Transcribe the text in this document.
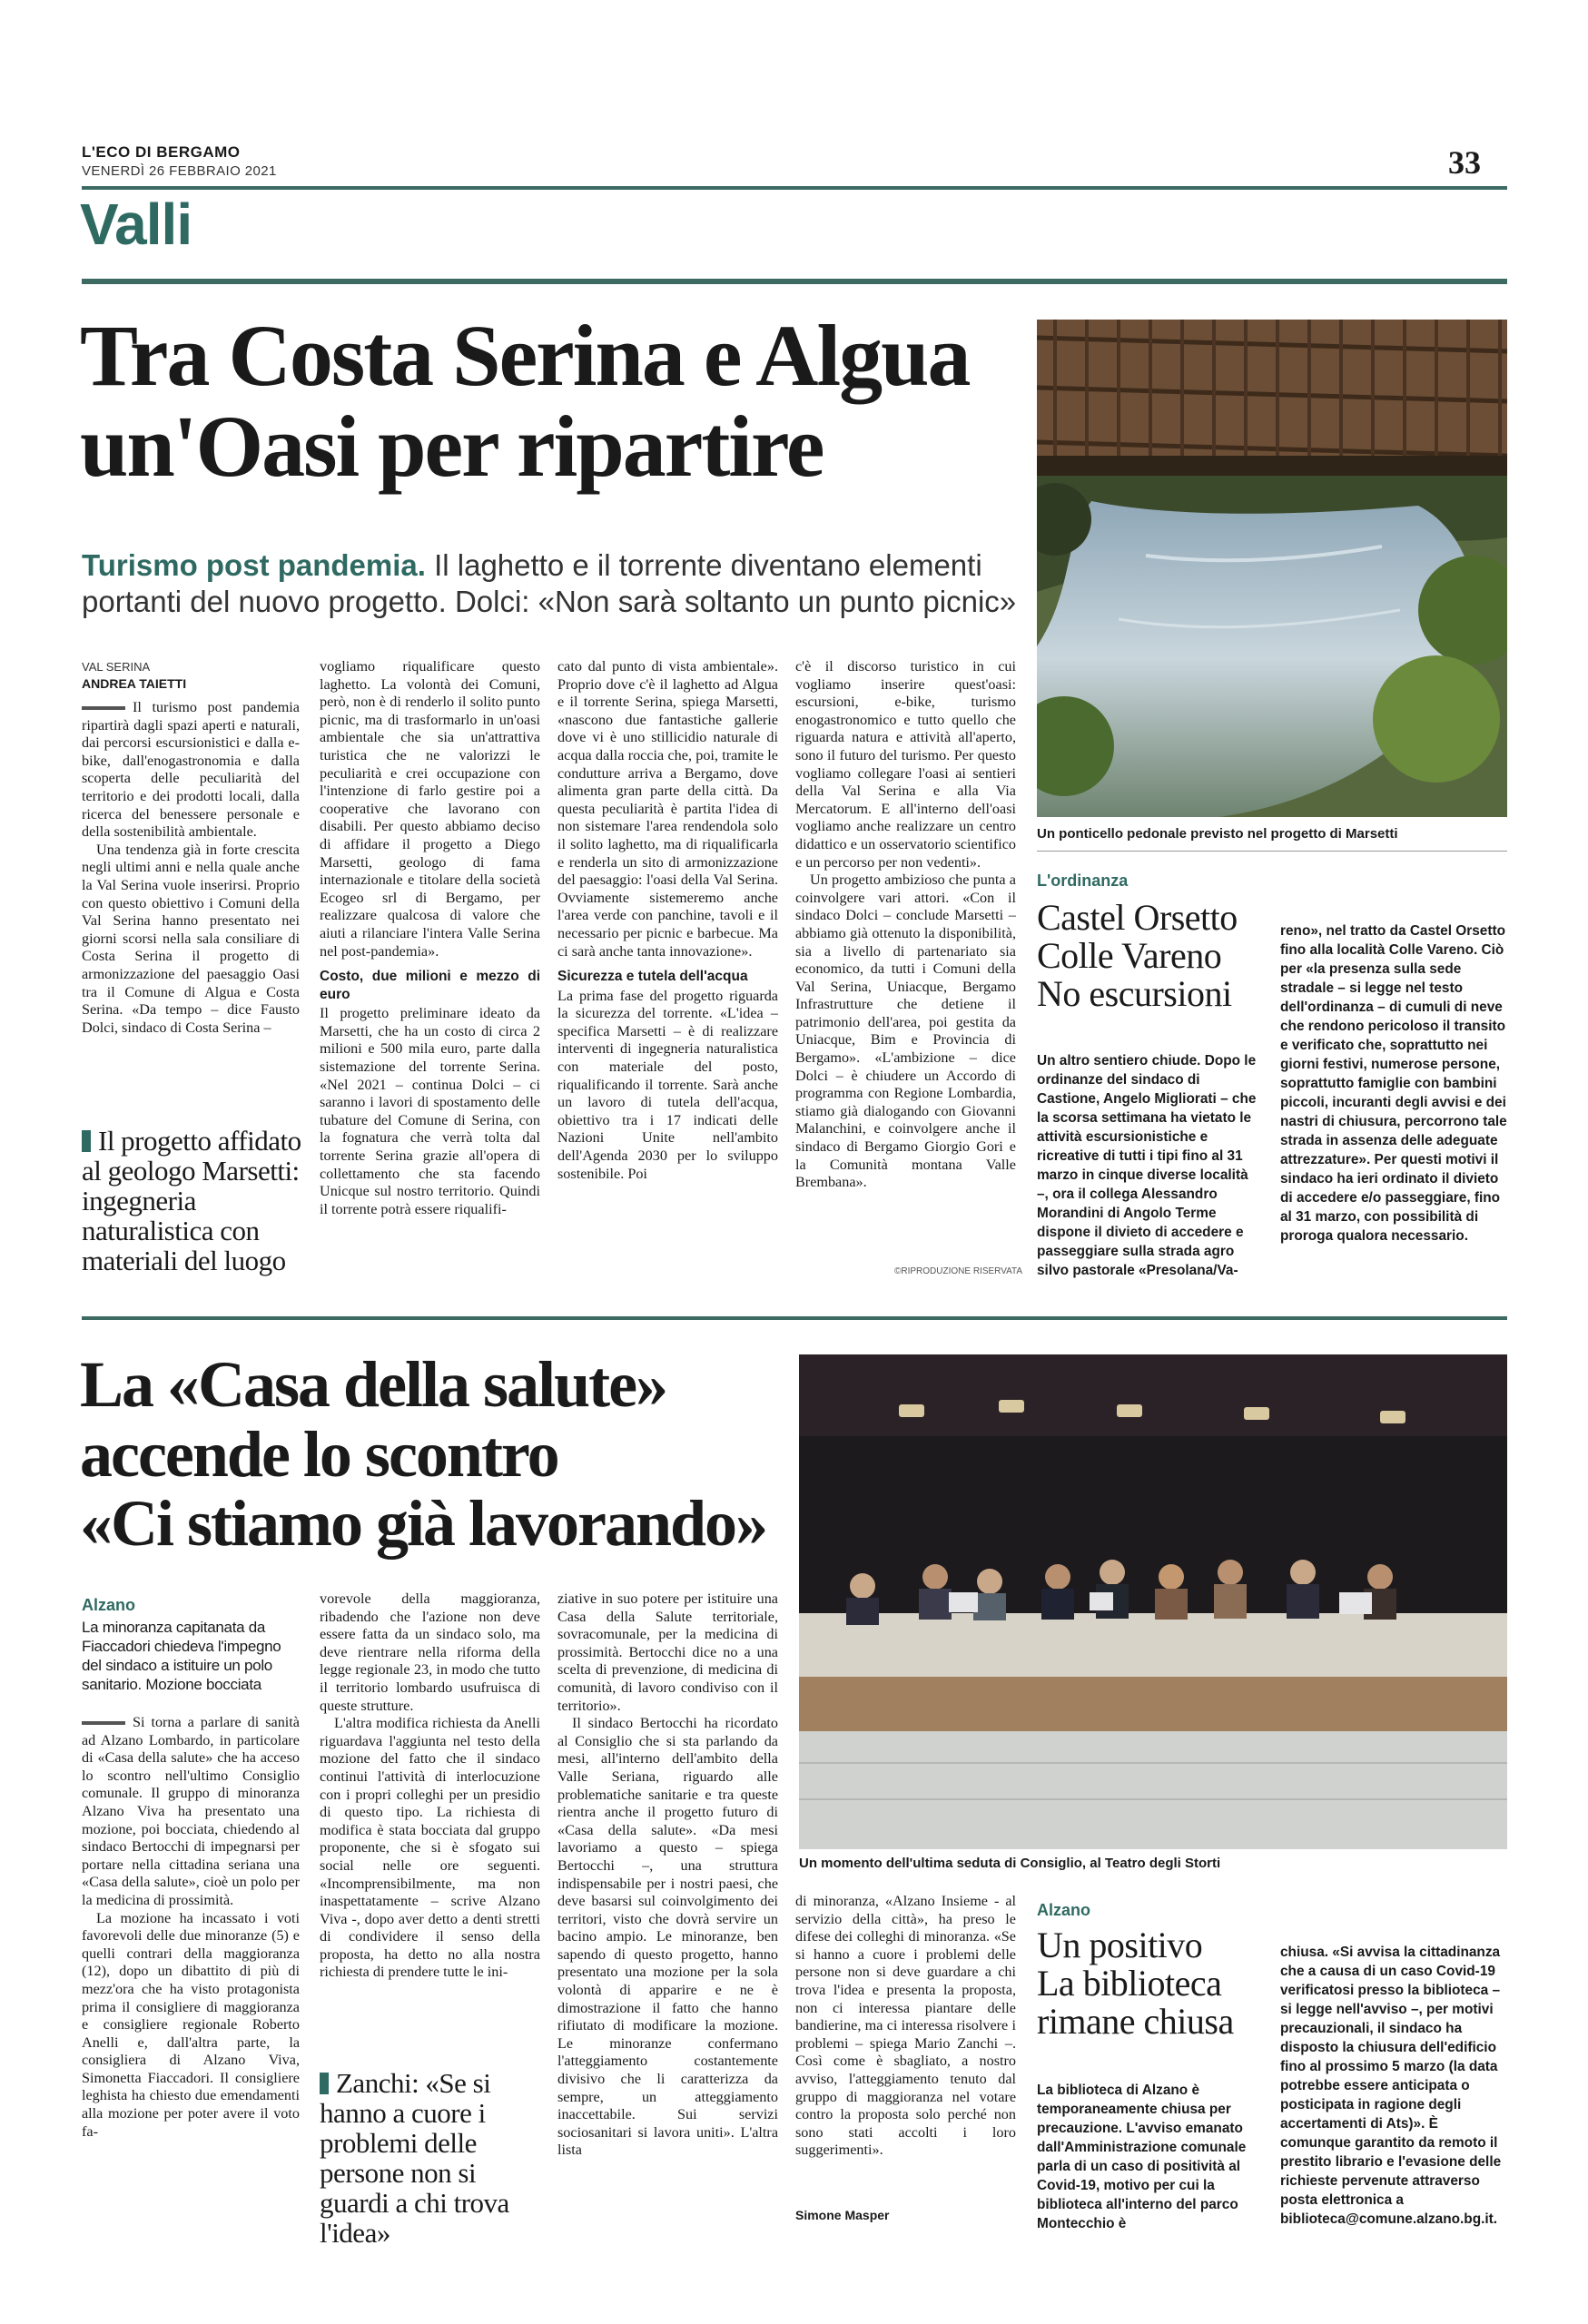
L'ECO DI BERGAMO
VENERDÌ 26 FEBBRAIO 2021	33
Valli
Tra Costa Serina e Algua
un'Oasi per ripartire
Turismo post pandemia. Il laghetto e il torrente diventano elementi
portanti del nuovo progetto. Dolci: «Non sarà soltanto un punto picnic»
VAL SERINA
ANDREA TAIETTI

Il turismo post pandemia ripartirà dagli spazi aperti e naturali, dai percorsi escursionistici e dalla e-bike, dall'enogastronomia e dalla scoperta delle peculiarità del territorio e dei prodotti locali, dalla ricerca del benessere personale e della sostenibilità ambientale.

Una tendenza già in forte crescita negli ultimi anni e nella quale anche la Val Serina vuole inserirsi. Proprio con questo obiettivo i Comuni della Val Serina hanno presentato nei giorni scorsi nella sala consiliare di Costa Serina il progetto di armonizzazione del paesaggio Oasi tra il Comune di Algua e Costa Serina. «Da tempo – dice Fausto Dolci, sindaco di Costa Serina –

Il progetto affidato al geologo Marsetti: ingegneria naturalistica con materiali del luogo

vogliamo riqualificare questo laghetto. La volontà dei Comuni, però, non è di renderlo il solito punto picnic, ma di trasformarlo in un'oasi ambientale che sia un'attrattiva turistica che ne valorizzi le peculiarità e crei occupazione con l'intenzione di farlo gestire poi a cooperative che lavorano con disabili. Per questo abbiamo deciso di affidare il progetto a Diego Marsetti, geologo di fama internazionale e titolare della società Ecogeo srl di Bergamo, per realizzare qualcosa di valore che aiuti a rilanciare l'intera Valle Serina nel post-pandemia».

Costo, due milioni e mezzo di euro

Il progetto preliminare ideato da Marsetti, che ha un costo di circa 2 milioni e 500 mila euro, parte dalla sistemazione del torrente Serina. «Nel 2021 – continua Dolci – ci saranno i lavori di spostamento delle tubature del Comune di Serina, con la fognatura che verrà tolta dal torrente Serina grazie all'opera di collettamento che sta facendo Unicque sul nostro territorio. Quindi il torrente potrà essere riqualifi-

cato dal punto di vista ambientale». Proprio dove c'è il laghetto ad Algua e il torrente Serina, spiega Marsetti, «nascono due fantastiche gallerie dove vi è uno stillicidio naturale di acqua dalla roccia che, poi, tramite le condutture arriva a Bergamo, dove alimenta gran parte della città. Da questa peculiarità è partita l'idea di non sistemare l'area rendendola solo il solito laghetto, ma di riqualificarla e renderla un sito di armonizzazione del paesaggio: l'oasi della Val Serina. Ovviamente sistemeremo anche l'area verde con panchine, tavoli e il necessario per picnic e barbecue. Ma ci sarà anche tanta innovazione».

Sicurezza e tutela dell'acqua

La prima fase del progetto riguarda la sicurezza del torrente. «L'idea – specifica Marsetti – è di realizzare interventi di ingegneria naturalistica con materiale del posto, riqualificando il torrente. Sarà anche un lavoro di tutela dell'acqua, obiettivo tra i 17 indicati delle Nazioni Unite nell'ambito dell'Agenda 2030 per lo sviluppo sostenibile. Poi

c'è il discorso turistico in cui vogliamo inserire quest'oasi: escursioni, e-bike, turismo enogastronomico e tutto quello che riguarda natura e attività all'aperto, sono il futuro del turismo. Per questo vogliamo collegare l'oasi ai sentieri della Val Serina e alla Via Mercatorum. E all'interno dell'oasi vogliamo anche realizzare un centro didattico e un osservatorio scientifico e un percorso per non vedenti».

Un progetto ambizioso che punta a coinvolgere vari attori. «Con il sindaco Dolci – conclude Marsetti – abbiamo già ottenuto la disponibilità, sia a livello di partenariato sia economico, da tutti i Comuni della Val Serina, Uniacque, Bergamo Infrastrutture che detiene il patrimonio dell'area, poi gestita da Uniacque, Bim e Provincia di Bergamo». «L'ambizione – dice Dolci – è chiudere un Accordo di programma con Regione Lombardia, stiamo già dialogando con Giovanni Malanchini, e coinvolgere anche il sindaco di Bergamo Giorgio Gori e la Comunità montana Valle Brembana».

©RIPRODUZIONE RISERVATA
Un ponticello pedonale previsto nel progetto di Marsetti
L'ordinanza
Castel Orsetto
Colle Vareno
No escursioni

Un altro sentiero chiude. Dopo le ordinanze del sindaco di Castione, Angelo Migliorati – che la scorsa settimana ha vietato le attività escursionistiche e ricreative di tutti i tipi fino al 31 marzo in cinque diverse località –, ora il collega Alessandro Morandini di Angolo Terme dispone il divieto di accedere e passeggiare sulla strada agro silvo pastorale «Presolana/Va-

reno», nel tratto da Castel Orsetto fino alla località Colle Vareno. Ciò per «la presenza sulla sede stradale – si legge nel testo dell'ordinanza – di cumuli di neve che rendono pericoloso il transito e verificato che, soprattutto nei giorni festivi, numerose persone, soprattutto famiglie con bambini piccoli, incuranti degli avvisi e dei nastri di chiusura, percorrono tale strada in assenza delle adeguate attrezzature». Per questi motivi il sindaco ha ieri ordinato il divieto di accedere e/o passeggiare, fino al 31 marzo, con possibilità di proroga qualora necessario.

La «Casa della salute»
accende lo scontro
«Ci stiamo già lavorando»
Alzano
La minoranza capitanata da Fiaccadori chiedeva l'impegno del sindaco a istituire un polo sanitario. Mozione bocciata

Si torna a parlare di sanità ad Alzano Lombardo, in particolare di «Casa della salute» che ha acceso lo scontro nell'ultimo Consiglio comunale. Il gruppo di minoranza Alzano Viva ha presentato una mozione, poi bocciata, chiedendo al sindaco Bertocchi di impegnarsi per portare nella cittadina seriana una «Casa della salute», cioè un polo per la medicina di prossimità.

La mozione ha incassato i voti favorevoli delle due minoranze (5) e quelli contrari della maggioranza (12), dopo un dibattito di più di mezz'ora che ha visto protagonista prima il consigliere di maggioranza e consigliere regionale Roberto Anelli e, dall'altra parte, la consigliera di Alzano Viva, Simonetta Fiaccadori. Il consigliere leghista ha chiesto due emendamenti alla mozione per poter avere il voto fa-

vorevole della maggioranza, ribadendo che l'azione non deve essere fatta da un sindaco solo, ma deve rientrare nella riforma della legge regionale 23, in modo che tutto il territorio lombardo usufruisca di queste strutture.

L'altra modifica richiesta da Anelli riguardava l'aggiunta nel testo della mozione del fatto che il sindaco continui l'attività di interlocuzione con i propri colleghi per un presidio di questo tipo. La richiesta di modifica è stata bocciata dal gruppo proponente, che si è sfogato sui social nelle ore seguenti. «Incomprensibilmente, ma non inaspettatamente – scrive Alzano Viva -, dopo aver detto a denti stretti di condividere il senso della proposta, ha detto no alla nostra richiesta di prendere tutte le ini-

Zanchi: «Se si hanno a cuore i problemi delle persone non si guardi a chi trova l'idea»

ziative in suo potere per istituire una Casa della Salute territoriale, sovracomunale, per la medicina di prossimità. Bertocchi dice no a una scelta di prevenzione, di medicina di comunità, di lavoro condiviso con il territorio».

Il sindaco Bertocchi ha ricordato al Consiglio che si sta parlando da mesi, all'interno dell'ambito della Valle Seriana, riguardo alle problematiche sanitarie e tra queste rientra anche il progetto futuro di «Casa della salute». «Da mesi lavoriamo a questo – spiega Bertocchi –, una struttura indispensabile per i nostri paesi, che deve basarsi sul coinvolgimento dei territori, visto che dovrà servire un bacino ampio. Le minoranze, ben sapendo di questo progetto, hanno presentato una mozione per la sola volontà di apparire e ne è dimostrazione il fatto che hanno rifiutato di modificare la mozione. Le minoranze confermano l'atteggiamento costantemente divisivo che li caratterizza da sempre, un atteggiamento inaccettabile. Sui servizi sociosanitari si lavora uniti». L'altra lista

di minoranza, «Alzano Insieme - al servizio della città», ha preso le difese dei colleghi di minoranza. «Se si hanno a cuore i problemi delle persone non si deve guardare a chi trova l'idea e presenta la proposta, non ci interessa piantare delle bandierine, ma ci interessa risolvere i problemi – spiega Mario Zanchi –. Così come è sbagliato, a nostro avviso, l'atteggiamento tenuto dal gruppo di maggioranza nel votare contro la proposta solo perché non sono stati accolti i loro suggerimenti».

Simone Masper
Un momento dell'ultima seduta di Consiglio, al Teatro degli Storti
Alzano
Un positivo
La biblioteca
rimane chiusa

La biblioteca di Alzano è temporaneamente chiusa per precauzione. L'avviso emanato dall'Amministrazione comunale parla di un caso di positività al Covid-19, motivo per cui la biblioteca all'interno del parco Montecchio è

chiusa. «Si avvisa la cittadinanza che a causa di un caso Covid-19 verificatosi presso la biblioteca – si legge nell'avviso –, per motivi precauzionali, il sindaco ha disposto la chiusura dell'edificio fino al prossimo 5 marzo (la data potrebbe essere anticipata o posticipata in ragione degli accertamenti di Ats)». È comunque garantito da remoto il prestito librario e l'evasione delle richieste pervenute attraverso posta elettronica a biblioteca@comune.alzano.bg.it.
